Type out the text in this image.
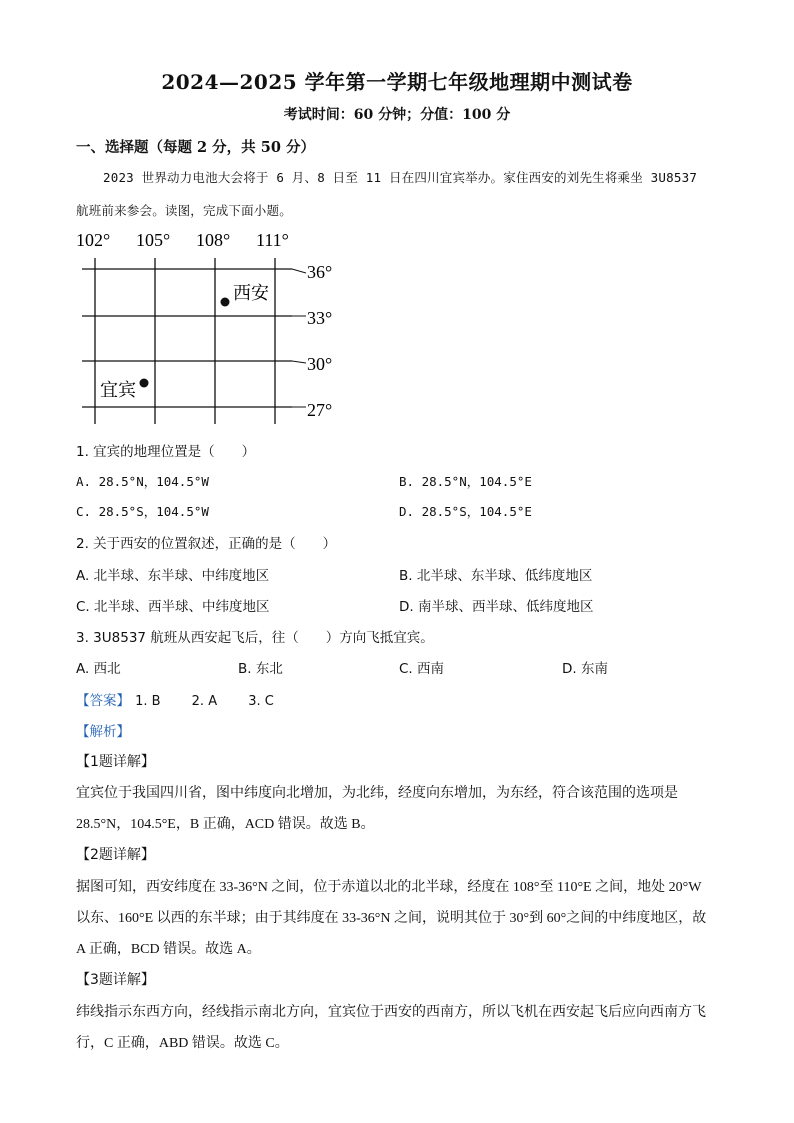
2024—2025 学年第一学期七年级地理期中测试卷
考试时间：60 分钟；分值：100 分
一、选择题（每题 2 分，共 50 分）
2023 世界动力电池大会将于 6 月、8 日至 11 日在四川宜宾举办。家住西安的刘先生将乘坐 3U8537
航班前来参会。读图，完成下面小题。
102° 105° 108° 111°
36°
33°
30°
27°
西安
宜宾
1. 宜宾的地理位置是（　　）
A. 28.5°N，104.5°W	B. 28.5°N，104.5°E
C. 28.5°S，104.5°W	D. 28.5°S，104.5°E
2. 关于西安的位置叙述，正确的是（　　）
A. 北半球、东半球、中纬度地区	B. 北半球、东半球、低纬度地区
C. 北半球、西半球、中纬度地区	D. 南半球、西半球、低纬度地区
3. 3U8537 航班从西安起飞后，往（　　）方向飞抵宜宾。
A. 西北	B. 东北	C. 西南	D. 东南
【答案】 1. B 2. A 3. C
【解析】
【1题详解】
宜宾位于我国四川省，图中纬度向北增加，为北纬，经度向东增加，为东经，符合该范围的选项是
28.5°N，104.5°E，B 正确，ACD 错误。故选 B。
【2题详解】
据图可知，西安纬度在 33-36°N 之间，位于赤道以北的北半球，经度在 108°至 110°E 之间，地处 20°W
以东、160°E 以西的东半球；由于其纬度在 33-36°N 之间，说明其位于 30°到 60°之间的中纬度地区，故
A 正确，BCD 错误。故选 A。
【3题详解】
纬线指示东西方向，经线指示南北方向，宜宾位于西安的西南方，所以飞机在西安起飞后应向西南方飞
行，C 正确，ABD 错误。故选 C。
